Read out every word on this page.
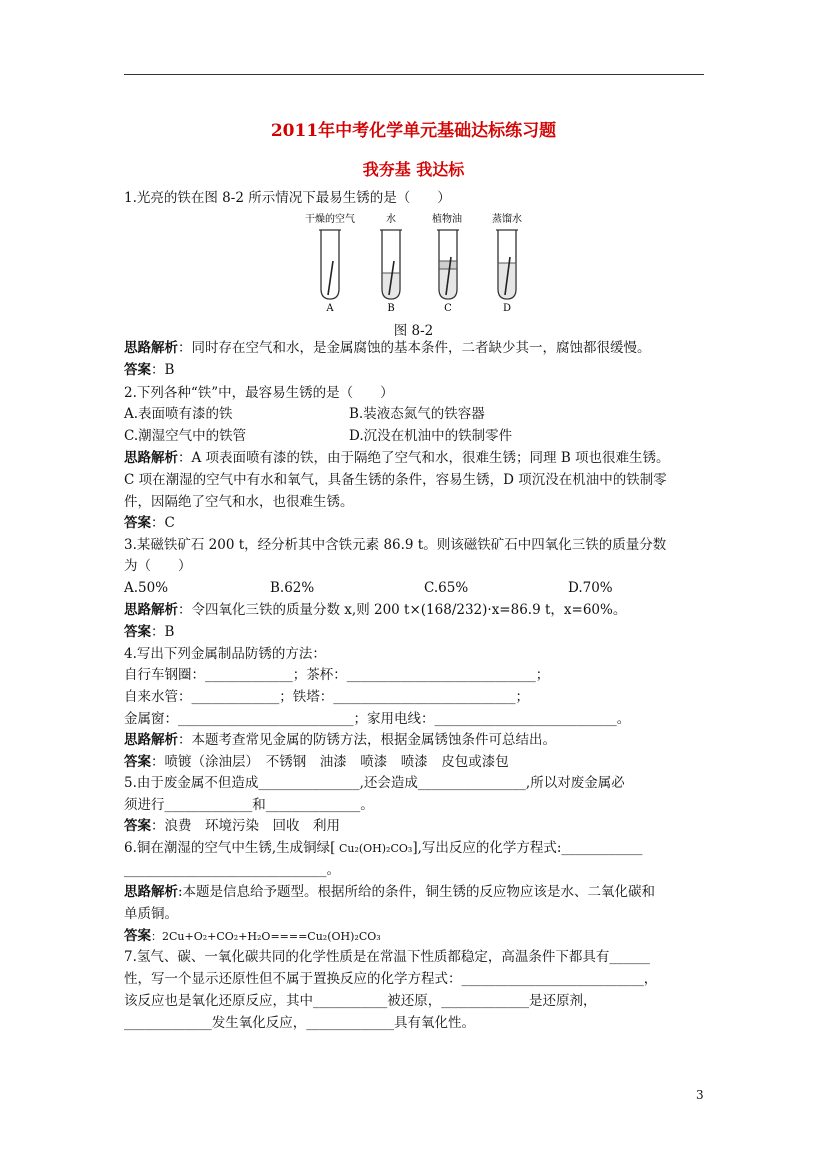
2011年中考化学单元基础达标练习题
我夯基 我达标
1.光亮的铁在图 8-2 所示情况下最易生锈的是（　　）
干燥的空气	水	植物油	蒸馏水
A	B	C	D
图 8-2
思路解析：同时存在空气和水，是金属腐蚀的基本条件，二者缺少其一，腐蚀都很缓慢。
答案：B
2.下列各种“铁”中，最容易生锈的是（　　）
A.表面喷有漆的铁	B.装液态氮气的铁容器
C.潮湿空气中的铁管	D.沉没在机油中的铁制零件
思路解析：A 项表面喷有漆的铁，由于隔绝了空气和水，很难生锈；同理 B 项也很难生锈。
C 项在潮湿的空气中有水和氧气，具备生锈的条件，容易生锈，D 项沉没在机油中的铁制零
件，因隔绝了空气和水，也很难生锈。
答案：C
3.某磁铁矿石 200 t，经分析其中含铁元素 86.9 t。则该磁铁矿石中四氧化三铁的质量分数
为（　　）
A.50%	B.62%	C.65%	D.70%
思路解析：令四氧化三铁的质量分数 x,则 200 t×(168/232)·x=86.9 t，x=60%。
答案：B
4.写出下列金属制品防锈的方法：
自行车钢圈：_____________；茶杯：____________________________；
自来水管：_____________；铁塔：___________________________；
金属窗：__________________________；家用电线：___________________________。
思路解析：本题考查常见金属的防锈方法，根据金属锈蚀条件可总结出。
答案：喷镀（涂油层）　不锈钢　油漆　喷漆　喷漆　皮包或漆包
5.由于废金属不但造成_______________,还会造成________________,所以对废金属必
须进行_____________和______________。
答案：浪费　环境污染　回收　利用
6.铜在潮湿的空气中生锈,生成铜绿[ Cu₂(OH)₂CO₃],写出反应的化学方程式:____________
______________________________。
思路解析:本题是信息给予题型。根据所给的条件，铜生锈的反应物应该是水、二氧化碳和
单质铜。
答案：2Cu+O₂+CO₂+H₂O====Cu₂(OH)₂CO₃
7.氢气、碳、一氧化碳共同的化学性质是在常温下性质都稳定，高温条件下都具有______
性，写一个显示还原性但不属于置换反应的化学方程式：___________________________，
该反应也是氧化还原反应，其中___________被还原，_____________是还原剂，
_____________发生氧化反应，_____________具有氧化性。
3
